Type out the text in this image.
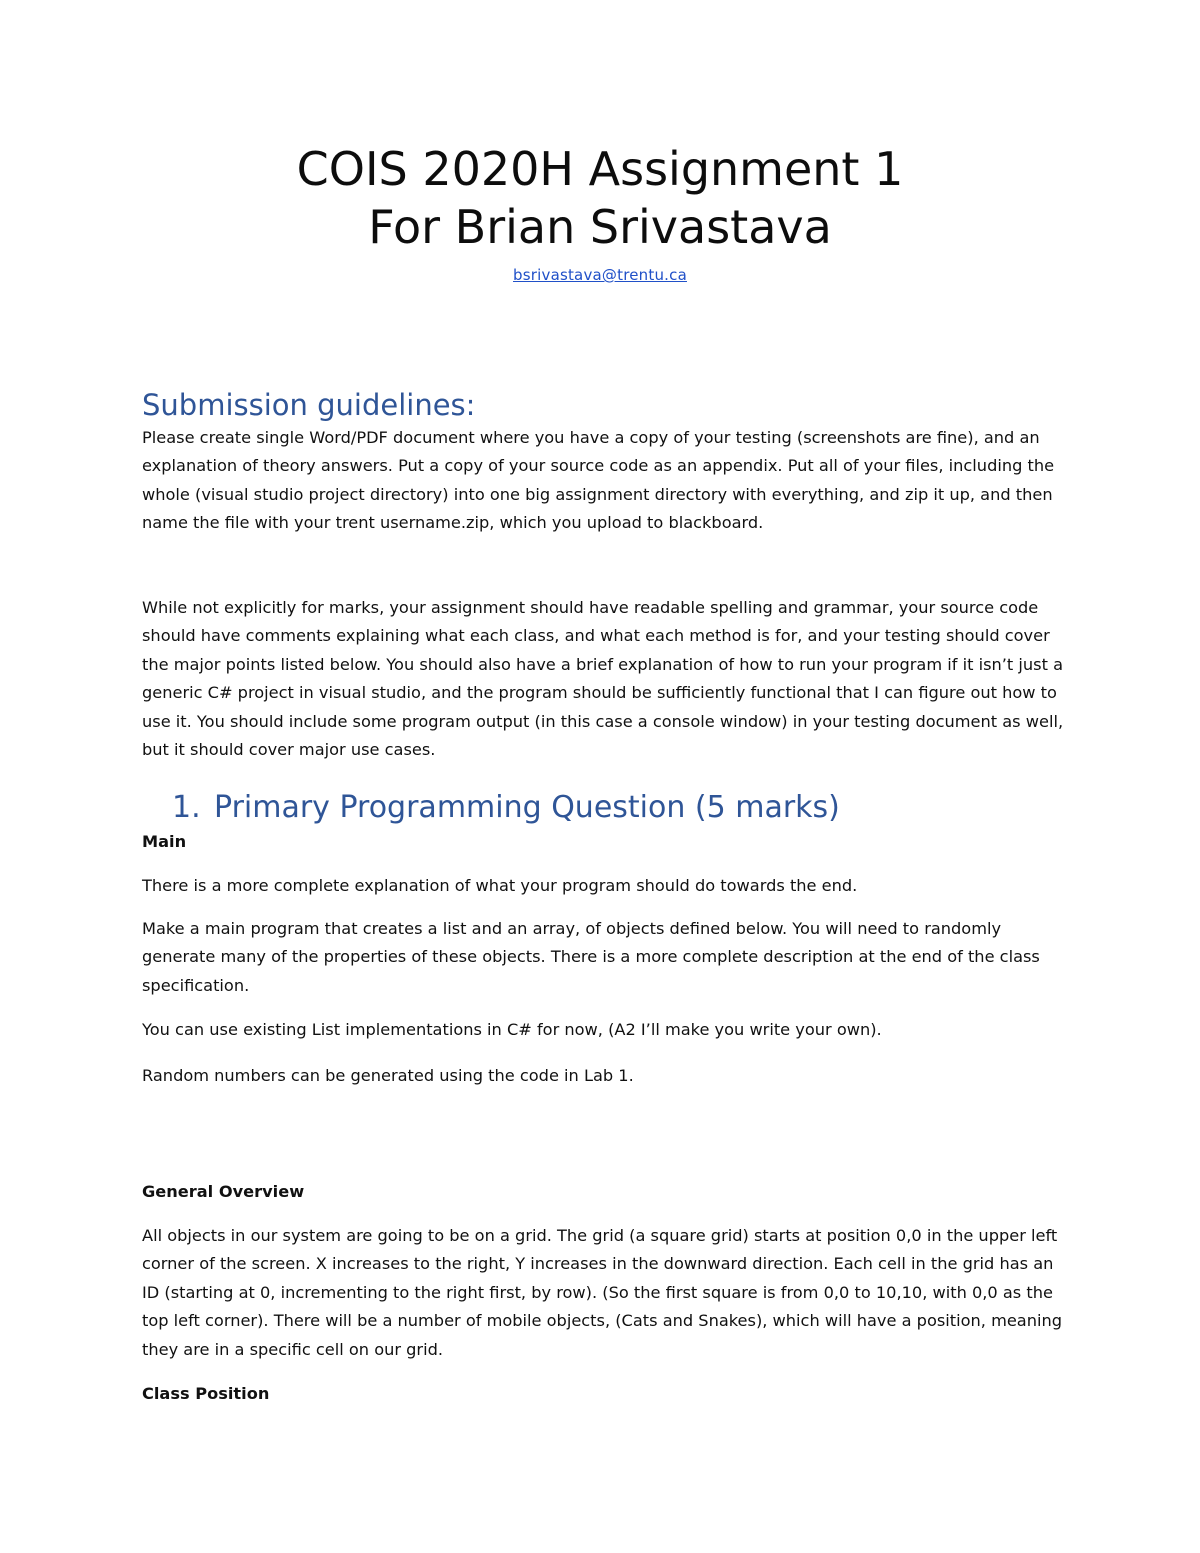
COIS 2020H Assignment 1
For Brian Srivastava
bsrivastava@trentu.ca
Submission guidelines:

Please create single Word/PDF document where you have a copy of your testing (screenshots are fine), and an explanation of theory answers. Put a copy of your source code as an appendix. Put all of your files, including the whole (visual studio project directory) into one big assignment directory with everything, and zip it up, and then name the file with your trent username.zip, which you upload to blackboard.

While not explicitly for marks, your assignment should have readable spelling and grammar, your source code should have comments explaining what each class, and what each method is for, and your testing should cover the major points listed below. You should also have a brief explanation of how to run your program if it isn’t just a generic C# project in visual studio, and the program should be sufficiently functional that I can figure out how to use it. You should include some program output (in this case a console window) in your testing document as well, but it should cover major use cases.

1. Primary Programming Question (5 marks)

Main

There is a more complete explanation of what your program should do towards the end.

Make a main program that creates a list and an array, of objects defined below. You will need to randomly generate many of the properties of these objects. There is a more complete description at the end of the class specification.

You can use existing List implementations in C# for now, (A2 I’ll make you write your own).

Random numbers can be generated using the code in Lab 1.

General Overview

All objects in our system are going to be on a grid. The grid (a square grid) starts at position 0,0 in the upper left corner of the screen. X increases to the right, Y increases in the downward direction. Each cell in the grid has an ID (starting at 0, incrementing to the right first, by row). (So the first square is from 0,0 to 10,10, with 0,0 as the top left corner). There will be a number of mobile objects, (Cats and Snakes), which will have a position, meaning they are in a specific cell on our grid.

Class Position
